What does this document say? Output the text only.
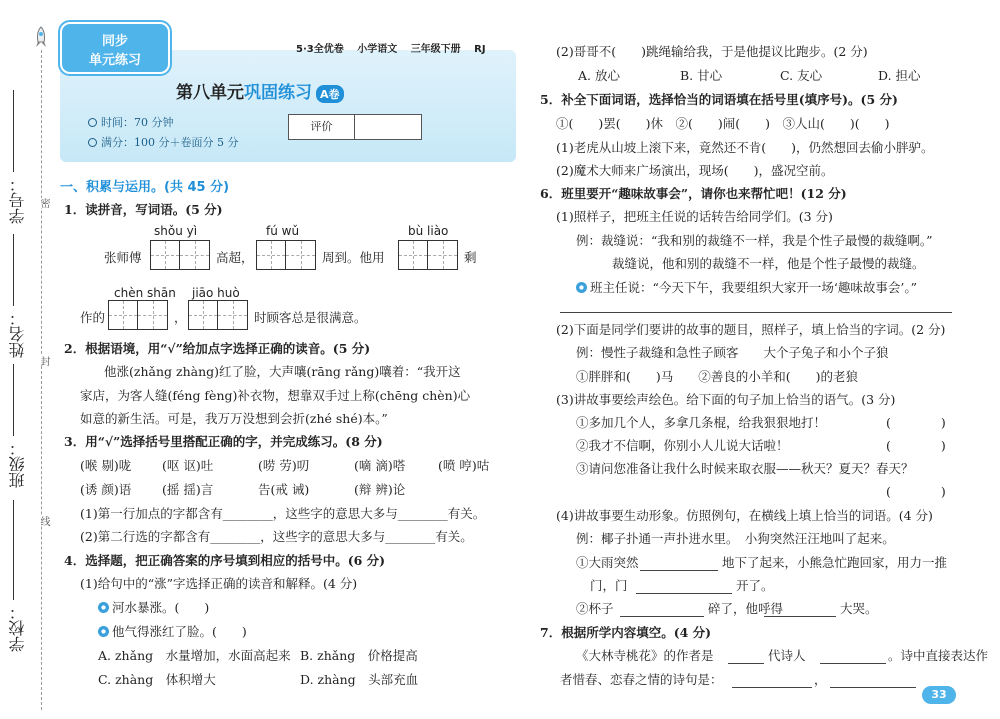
学号：
姓名：
班级：
学校：
密
封
线
同步
单元练习
5·3全优卷 小学语文 三年级下册 RJ
第八单元巩固练习 A卷
时间：70 分钟
满分：100 分＋卷面分 5 分
评价
一、积累与运用。(共 45 分)
1．读拼音，写词语。(5 分)
shǒu yì	fú wǔ	bù liào
张师傅	高超，	周到。他用	剩
chèn shān jiāo huò
作的	，	时顾客总是很满意。
2．根据语境，用“√”给加点字选择正确的读音。(5 分)
他涨(zhǎng zhàng)红了脸，大声嚷(rāng rǎng)嚷着：“我开这
家店，为客人缝(féng fèng)补衣物，想靠双手过上称(chēng chèn)心
如意的新生活。可是，我万万没想到会折(zhé shé)本。”
3．用“√”选择括号里搭配正确的字，并完成练习。(8 分)
(喉 剔)咙 (呕 讴)吐	(唠 劳)叨	(嘀 滴)嗒	(喷 哼)咕
(诱 颜)语 (摇 揺)言	告(戒 诫)	(辩 辨)论
(1)第一行加点的字都含有________，这些字的意思大多与________有关。
(2)第二行选的字都含有________，这些字的意思大多与________有关。
4．选择题，把正确答案的序号填到相应的括号中。(6 分)
(1)给句中的“涨”字选择正确的读音和解释。(4 分)
河水暴涨。(　　)
他气得涨红了脸。(　　)
A. zhǎng　水量增加，水面高起来 B. zhǎng　价格提高
C. zhàng　体积增大	D. zhàng　头部充血
(2)哥哥不(　　)跳绳输给我，于是他提议比跑步。(2 分)
A. 放心	B. 甘心	C. 友心	D. 担心
5．补全下面词语，选择恰当的词语填在括号里(填序号)。(5 分)
①(　　)罢(　　)休　②(　　)闹(　　)　③人山(　　)(　　)
(1)老虎从山坡上滚下来，竟然还不肯(　　)，仍然想回去偷小胖驴。
(2)魔术大师来广场演出，现场(　　)，盛况空前。
6．班里要开“趣味故事会”，请你也来帮忙吧！(12 分)
(1)照样子，把班主任说的话转告给同学们。(3 分)
例：裁缝说：“我和别的裁缝不一样，我是个性子最慢的裁缝啊。”
裁缝说，他和别的裁缝不一样，他是个性子最慢的裁缝。
班主任说：“今天下午，我要组织大家开一场‘趣味故事会’。”
(2)下面是同学们要讲的故事的题目，照样子，填上恰当的字词。(2 分)
例：慢性子裁缝和急性子顾客　　大个子兔子和小个子狼
①胖胖和(　　)马　　②善良的小羊和(　　)的老狼
(3)讲故事要绘声绘色。给下面的句子加上恰当的语气。(3 分)
①多加几个人，多拿几条棍，给我狠狠地打！	(　　　　)
②我才不信啊，你别小人儿说大话啦！	(　　　　)
③请问您准备让我什么时候来取衣服——秋天？夏天？春天？
(　　　　)
(4)讲故事要生动形象。仿照例句，在横线上填上恰当的词语。(4 分)
例：椰子扑通一声扑进水里。　小狗突然汪汪地叫了起来。
①大雨突然	地下了起来，小熊急忙跑回家，用力一推
门，门	开了。
②杯子	碎了，他呼得	大哭。
7．根据所学内容填空。(4 分)
《大林寺桃花》的作者是	代诗人	。诗中直接表达作
者惜春、恋春之情的诗句是：	，
33
